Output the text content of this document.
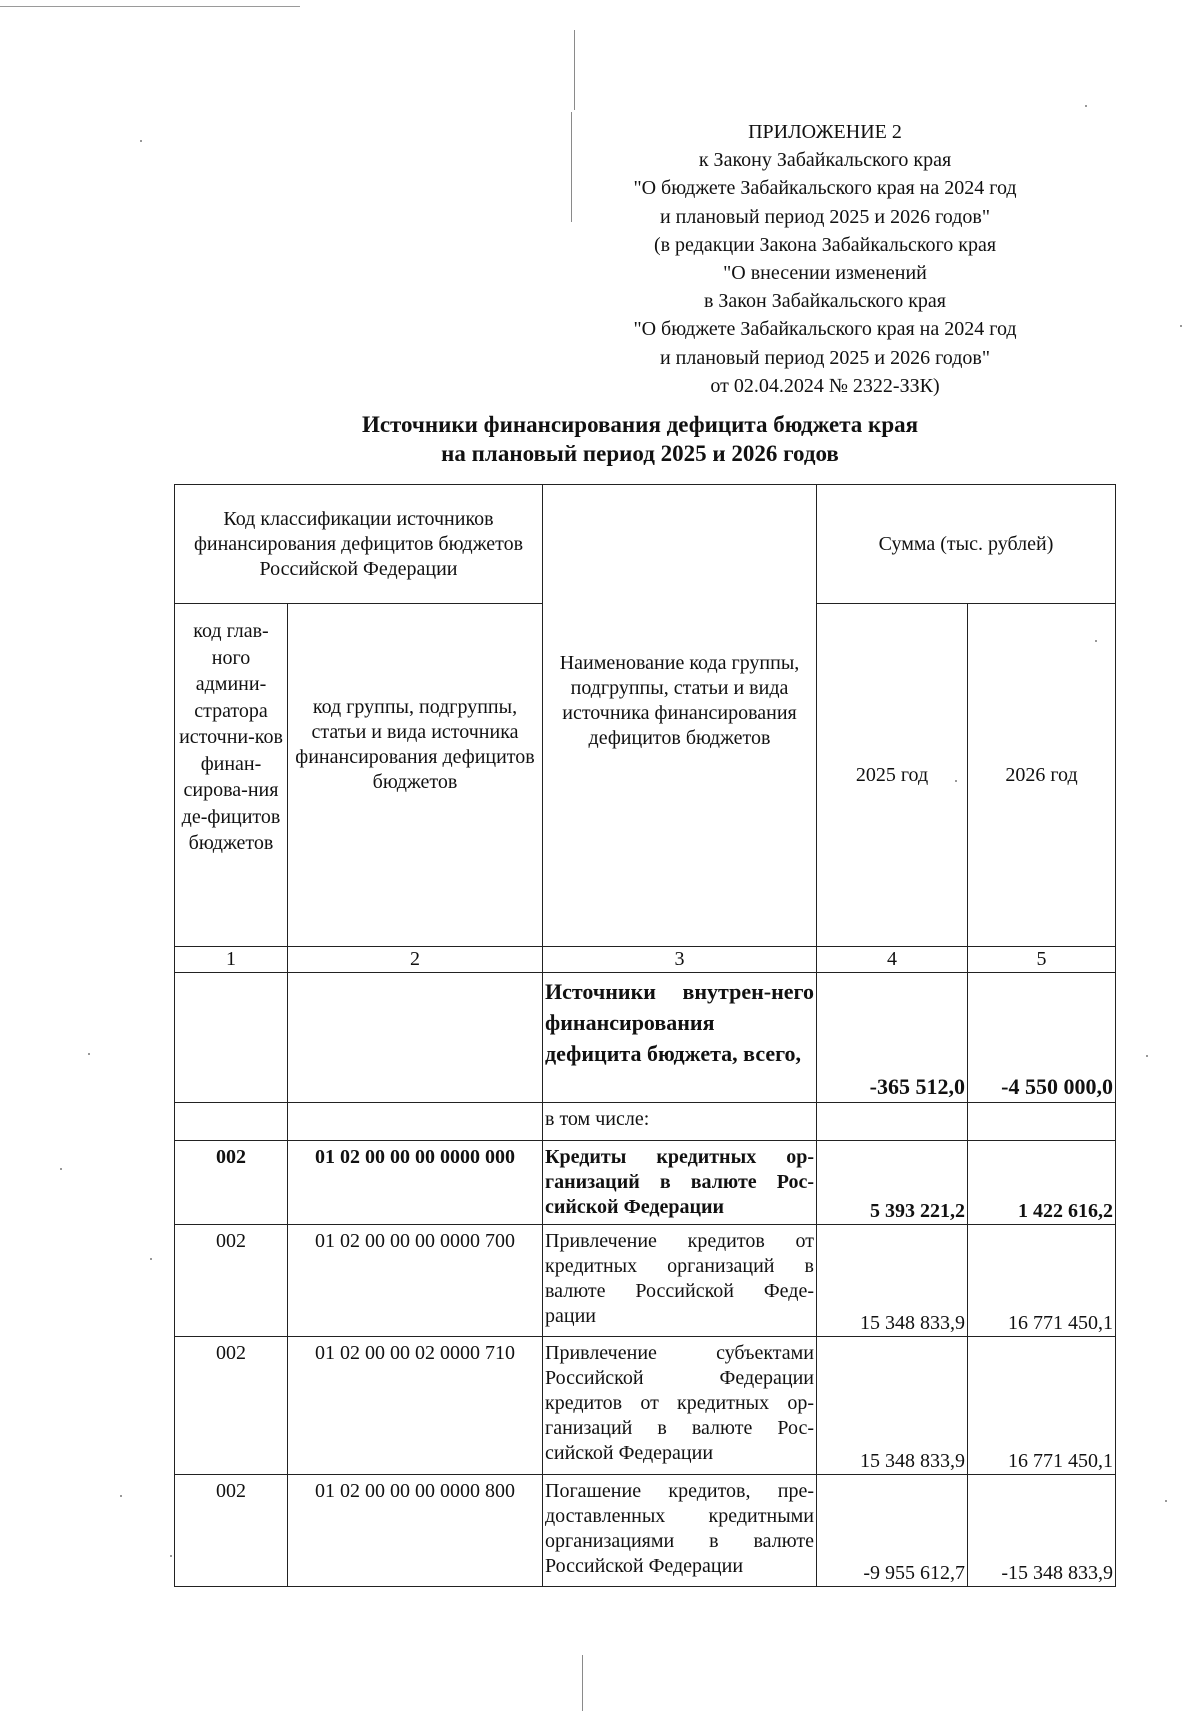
ПРИЛОЖЕНИЕ 2
к Закону Забайкальского края
"О бюджете Забайкальского края на 2024 год
и плановый период 2025 и 2026 годов"
(в редакции Закона Забайкальского края
"О внесении изменений
в Закон Забайкальского края
"О бюджете Забайкальского края на 2024 год
и плановый период 2025 и 2026 годов"
от 02.04.2024 № 2322-ЗЗК)
Источники финансирования дефицита бюджета края
на плановый период 2025 и 2026 годов
Код классификации источников финансирования дефицитов бюджетов Российской Федерации		Наименование кода группы, подгруппы, статьи и вида источника финансирования дефицитов бюджетов	Сумма (тыс. рублей)	
код глав-ного админи-стратора источни-ков финан-сирова-ния де-фицитов бюджетов	код группы, подгруппы, статьи и вида источника финансирования дефицитов бюджетов		2025 год	2026 год
1	2	3	4	5
		Источники внутрен-него финансирования дефицита бюджета, всего,	-365 512,0	-4 550 000,0
		в том числе:		
002	01 02 00 00 00 0000 000	Кредиты кредитных ор-ганизаций в валюте Рос-сийской Федерации	5 393 221,2	1 422 616,2
002	01 02 00 00 00 0000 700	Привлечение кредитов от кредитных организаций в валюте Российской Феде-рации	15 348 833,9	16 771 450,1
002	01 02 00 00 02 0000 710	Привлечение субъектами Российской Федерации кредитов от кредитных ор-ганизаций в валюте Рос-сийской Федерации	15 348 833,9	16 771 450,1
002	01 02 00 00 00 0000 800	Погашение кредитов, пре-доставленных кредитными организациями в валюте Российской Федерации	-9 955 612,7	-15 348 833,9
